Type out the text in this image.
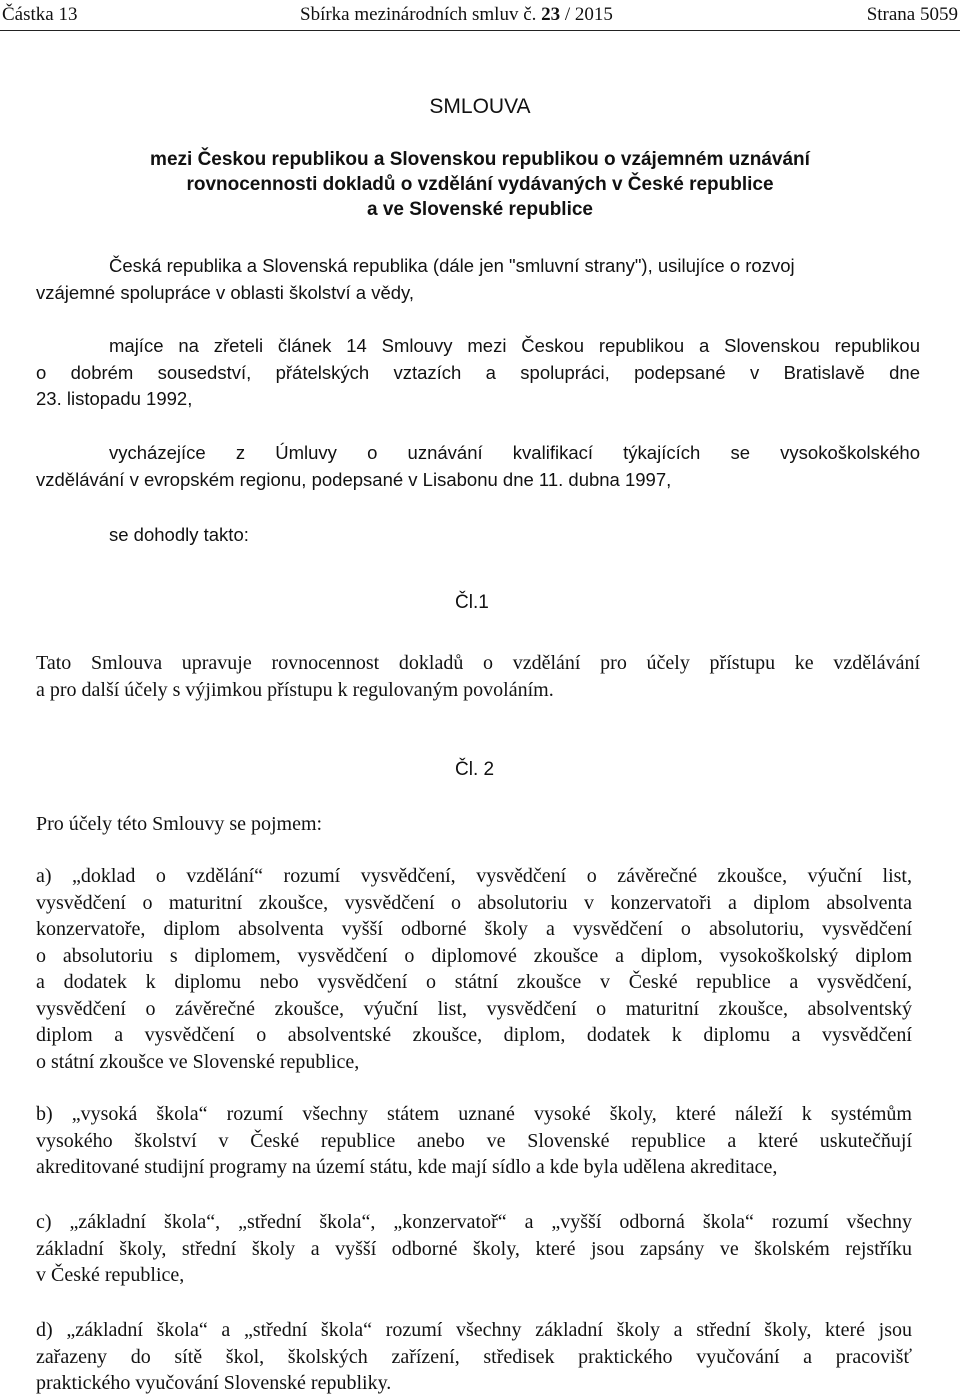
Částka 13	Sbírka mezinárodních smluv č. 23 / 2015	Strana 5059
SMLOUVA
mezi Českou republikou a Slovenskou republikou o vzájemném uznávání
rovnocennosti dokladů o vzdělání vydávaných v České republice
a ve Slovenské republice
Česká republika a Slovenská republika (dále jen "smluvní strany"), usilujíce o rozvoj
vzájemné spolupráce v oblasti školství a vědy,
majíce na zřeteli článek 14 Smlouvy mezi Českou republikou a Slovenskou republikou
o dobrém sousedství, přátelských vztazích a spolupráci, podepsané v Bratislavě dne
23. listopadu 1992,
vycházejíce z Úmluvy o uznávání kvalifikací týkajících se vysokoškolského
vzdělávání v evropském regionu, podepsané v Lisabonu dne 11. dubna 1997,
se dohodly takto:
Čl.1
Tato Smlouva upravuje rovnocennost dokladů o vzdělání pro účely přístupu ke vzdělávání
a pro další účely s výjimkou přístupu k regulovaným povoláním.
Čl. 2
Pro účely této Smlouvy se pojmem:
a) „doklad o vzdělání“ rozumí vysvědčení, vysvědčení o závěrečné zkoušce, výuční list,
vysvědčení o maturitní zkoušce, vysvědčení o absolutoriu v konzervatoři a diplom absolventa
konzervatoře, diplom absolventa vyšší odborné školy a vysvědčení o absolutoriu, vysvědčení
o absolutoriu s diplomem, vysvědčení o diplomové zkoušce a diplom, vysokoškolský diplom
a dodatek k diplomu nebo vysvědčení o státní zkoušce v České republice a vysvědčení,
vysvědčení o závěrečné zkoušce, výuční list, vysvědčení o maturitní zkoušce, absolventský
diplom a vysvědčení o absolventské zkoušce, diplom, dodatek k diplomu a vysvědčení
o státní zkoušce ve Slovenské republice,
b) „vysoká škola“ rozumí všechny státem uznané vysoké školy, které náleží k systémům
vysokého školství v České republice anebo ve Slovenské republice a které uskutečňují
akreditované studijní programy na území státu, kde mají sídlo a kde byla udělena akreditace,
c) „základní škola“, „střední škola“, „konzervatoř“ a „vyšší odborná škola“ rozumí všechny
základní školy, střední školy a vyšší odborné školy, které jsou zapsány ve školském rejstříku
v České republice,
d) „základní škola“ a „střední škola“ rozumí všechny základní školy a střední školy, které jsou
zařazeny do sítě škol, školských zařízení, středisek praktického vyučování a pracovišť
praktického vyučování Slovenské republiky.
